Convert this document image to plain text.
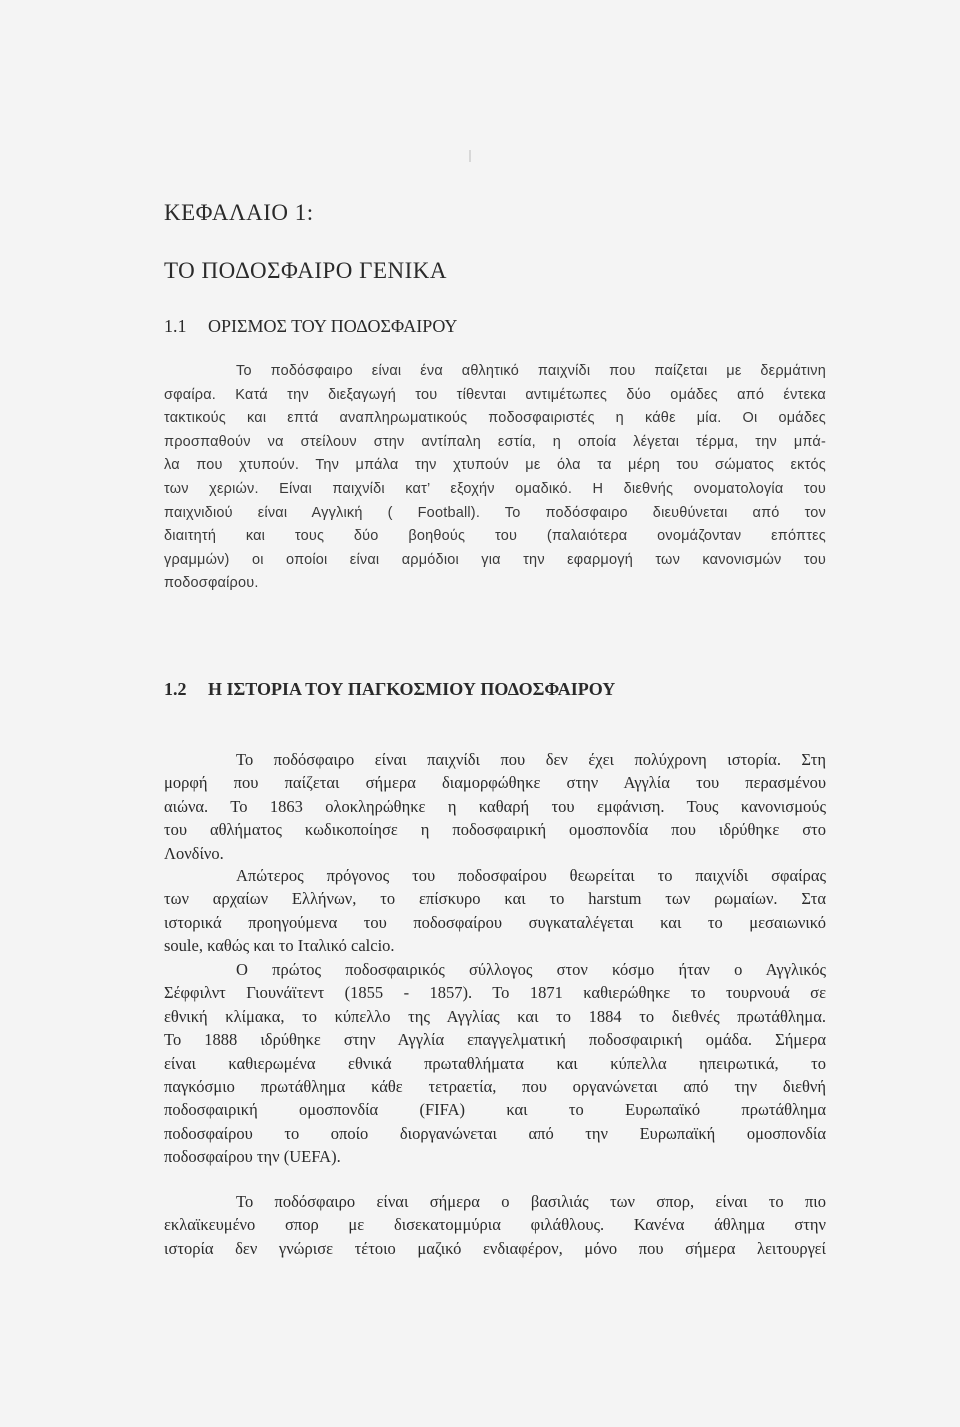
ΚΕΦΑΛΑΙΟ 1:
ΤΟ ΠΟΔΟΣΦΑΙΡΟ ΓΕΝΙΚΑ
1.1 ΟΡΙΣΜΟΣ ΤΟΥ ΠΟΔΟΣΦΑΙΡΟΥ

Το ποδόσφαιρο είναι ένα αθλητικό παιχνίδι που παίζεται με δερμάτινη
σφαίρα. Κατά την διεξαγωγή του τίθενται αντιμέτωπες δύο ομάδες από έντεκα
τακτικούς και επτά αναπληρωματικούς ποδοσφαιριστές η κάθε μία. Οι ομάδες
προσπαθούν να στείλουν στην αντίπαλη εστία, η οποία λέγεται τέρμα, την μπά-
λα που χτυπούν. Την μπάλα την χτυπούν με όλα τα μέρη του σώματος εκτός
των χεριών. Είναι παιχνίδι κατ’ εξοχήν ομαδικό. Η διεθνής ονοματολογία του
παιχνιδιού είναι Αγγλική ( Football). Το ποδόσφαιρο διευθύνεται από τον
διαιτητή και τους δύο βοηθούς του (παλαιότερα ονομάζονταν επόπτες
γραμμών) οι οποίοι είναι αρμόδιοι για την εφαρμογή των κανονισμών του
ποδοσφαίρου.

1.2 Η ΙΣΤΟΡΙΑ ΤΟΥ ΠΑΓΚΟΣΜΙΟΥ ΠΟΔΟΣΦΑΙΡΟΥ

Το ποδόσφαιρο είναι παιχνίδι που δεν έχει πολύχρονη ιστορία. Στη
μορφή που παίζεται σήμερα διαμορφώθηκε στην Αγγλία του περασμένου
αιώνα. Το 1863 ολοκληρώθηκε η καθαρή του εμφάνιση. Τους κανονισμούς
του αθλήματος κωδικοποίησε η ποδοσφαιρική ομοσπονδία που ιδρύθηκε στο
Λονδίνο.

Απώτερος πρόγονος του ποδοσφαίρου θεωρείται το παιχνίδι σφαίρας
των αρχαίων Ελλήνων, το επίσκυρο και το harstum των ρωμαίων. Στα
ιστορικά προηγούμενα του ποδοσφαίρου συγκαταλέγεται και το μεσαιωνικό
soule, καθώς και το Ιταλικό calcio.

Ο πρώτος ποδοσφαιρικός σύλλογος στον κόσμο ήταν ο Αγγλικός
Σέφφιλντ Γιουνάϊτεντ (1855 - 1857). Το 1871 καθιερώθηκε το τουρνουά σε
εθνική κλίμακα, το κύπελλο της Αγγλίας και το 1884 το διεθνές πρωτάθλημα.
Το 1888 ιδρύθηκε στην Αγγλία επαγγελματική ποδοσφαιρική ομάδα. Σήμερα
είναι καθιερωμένα εθνικά πρωταθλήματα και κύπελλα ηπειρωτικά, το
παγκόσμιο πρωτάθλημα κάθε τετραετία, που οργανώνεται από την διεθνή
ποδοσφαιρική ομοσπονδία (FIFA) και το Ευρωπαϊκό πρωτάθλημα
ποδοσφαίρου το οποίο διοργανώνεται από την Ευρωπαϊκή ομοσπονδία
ποδοσφαίρου την (UEFA).

Το ποδόσφαιρο είναι σήμερα ο βασιλιάς των σπορ, είναι το πιο
εκλαϊκευμένο σπορ με δισεκατομμύρια φιλάθλους. Κανένα άθλημα στην
ιστορία δεν γνώρισε τέτοιο μαζικό ενδιαφέρον, μόνο που σήμερα λειτουργεί
